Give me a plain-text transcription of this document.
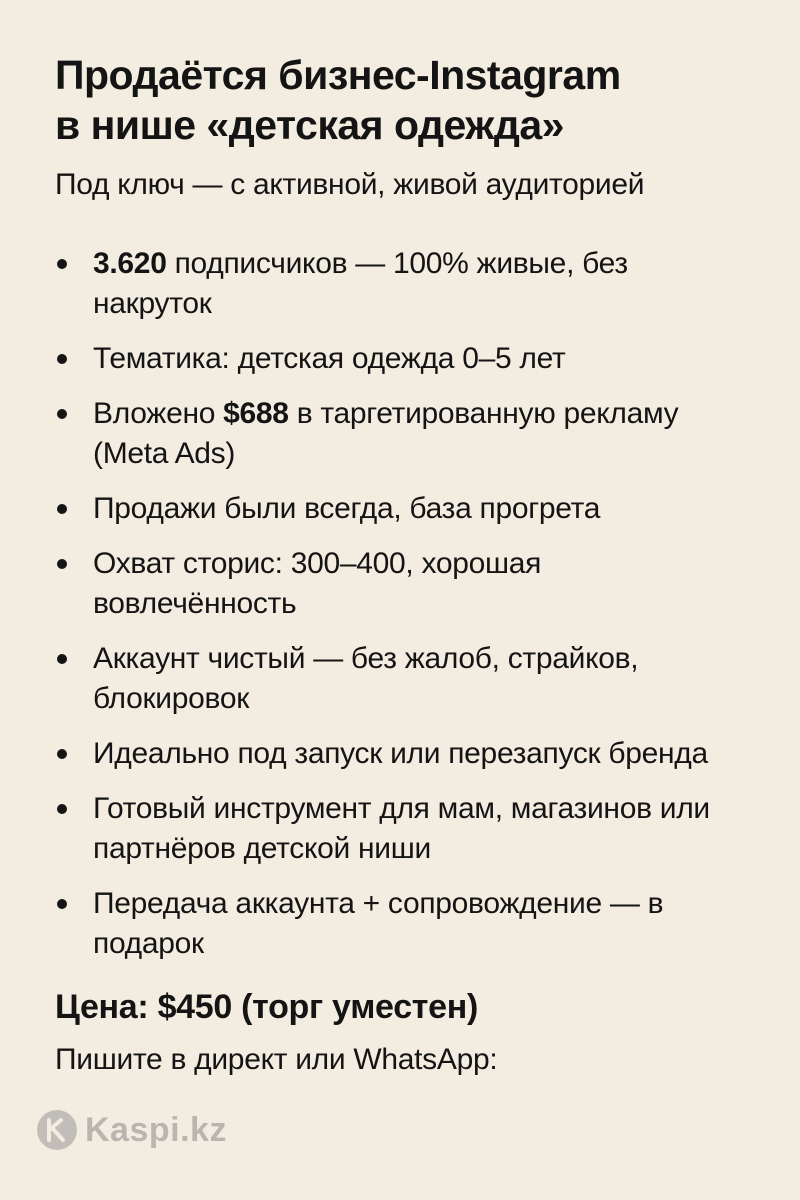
Продаётся бизнес-Instagram
в нише «детская одежда»

Под ключ — с активной, живой аудиторией

3.620 подписчиков — 100% живые, без накруток
Тематика: детская одежда 0–5 лет
Вложено $688 в таргетированную рекламу (Meta Ads)
Продажи были всегда, база прогрета
Охват сторис: 300–400, хорошая вовлечённость
Аккаунт чистый — без жалоб, страйков, блокировок
Идеально под запуск или перезапуск бренда
Готовый инструмент для мам, магазинов или партнёров детской ниши
Передача аккаунта + сопровождение — в подарок

Цена: $450 (торг уместен)

Пишите в директ или WhatsApp:

Kaspi.kz
